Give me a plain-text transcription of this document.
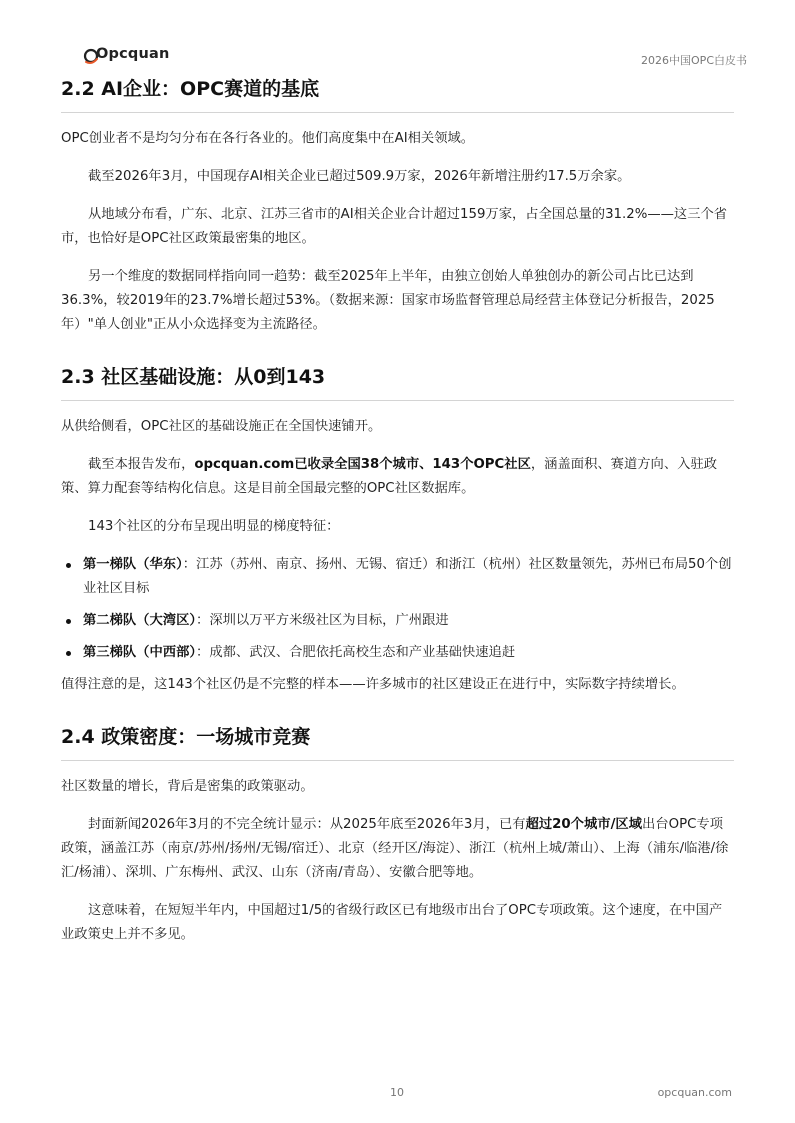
Opcquan	2026中国OPC白皮书
2.2 AI企业：OPC赛道的基底

OPC创业者不是均匀分布在各行各业的。他们高度集中在AI相关领域。

截至2026年3月，中国现存AI相关企业已超过509.9万家，2026年新增注册约17.5万余家。

从地域分布看，广东、北京、江苏三省市的AI相关企业合计超过159万家，占全国总量的31.2%——这三个省市，也恰好是OPC社区政策最密集的地区。

另一个维度的数据同样指向同一趋势：截至2025年上半年，由独立创始人单独创办的新公司占比已达到36.3%，较2019年的23.7%增长超过53%。（数据来源：国家市场监督管理总局经营主体登记分析报告，2025年）"单人创业"正从小众选择变为主流路径。

2.3 社区基础设施：从0到143

从供给侧看，OPC社区的基础设施正在全国快速铺开。

截至本报告发布，opcquan.com已收录全国38个城市、143个OPC社区，涵盖面积、赛道方向、入驻政策、算力配套等结构化信息。这是目前全国最完整的OPC社区数据库。

143个社区的分布呈现出明显的梯度特征：

第一梯队（华东）：江苏（苏州、南京、扬州、无锡、宿迁）和浙江（杭州）社区数量领先，苏州已布局50个创业社区目标
第二梯队（大湾区）：深圳以万平方米级社区为目标，广州跟进
第三梯队（中西部）：成都、武汉、合肥依托高校生态和产业基础快速追赶

值得注意的是，这143个社区仍是不完整的样本——许多城市的社区建设正在进行中，实际数字持续增长。

2.4 政策密度：一场城市竞赛

社区数量的增长，背后是密集的政策驱动。

封面新闻2026年3月的不完全统计显示：从2025年底至2026年3月，已有超过20个城市/区域出台OPC专项政策，涵盖江苏（南京/苏州/扬州/无锡/宿迁）、北京（经开区/海淀）、浙江（杭州上城/萧山）、上海（浦东/临港/徐汇/杨浦）、深圳、广东梅州、武汉、山东（济南/青岛）、安徽合肥等地。

这意味着，在短短半年内，中国超过1/5的省级行政区已有地级市出台了OPC专项政策。这个速度，在中国产业政策史上并不多见。

10	opcquan.com
